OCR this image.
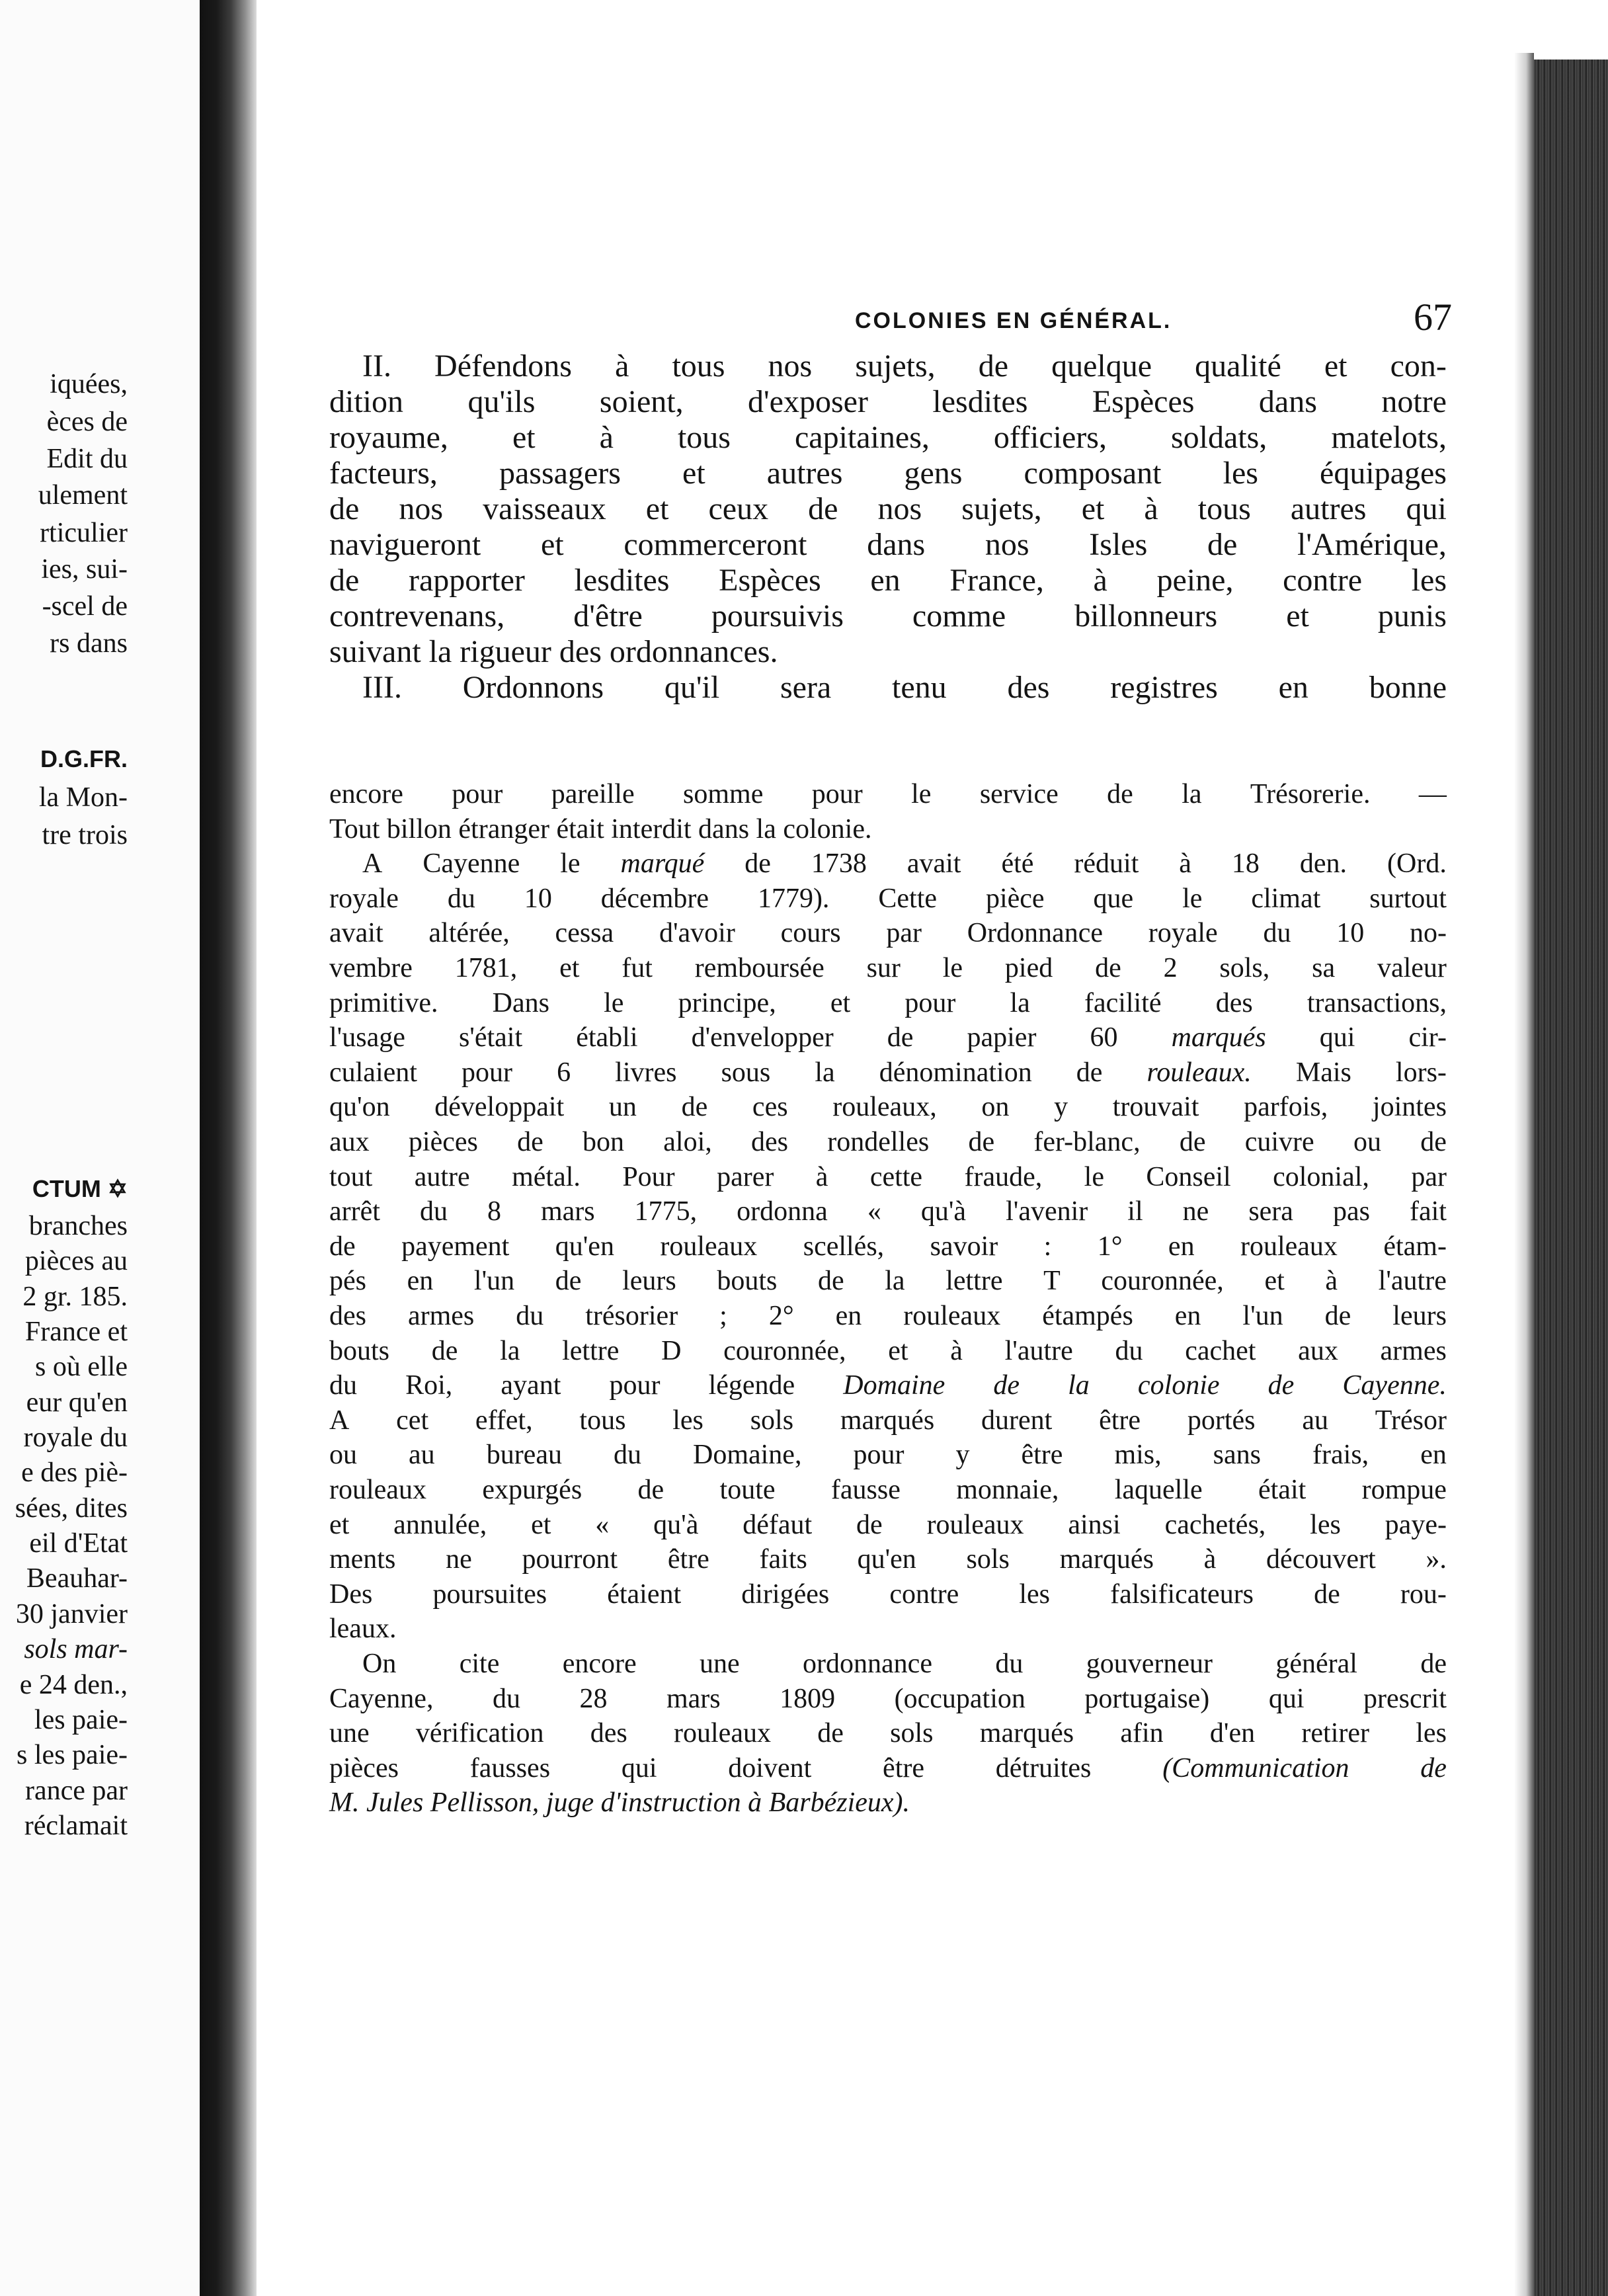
iquées,
èces de
Edit du
ulement
rticulier
ies, sui-
-scel de
rs dans
D.G.FR.
la Mon-
tre trois
CTUM ✡
branches
pièces au
2 gr. 185.
France et
s où elle
eur qu'en
royale du
e des piè-
sées, dites
eil d'Etat
Beauhar-
30 janvier
sols mar-
e 24 den.,
les paie-
s les paie-
rance par
réclamait
COLONIES EN GÉNÉRAL.	67
II. Défendons à tous nos sujets, de quelque qualité et con-
dition qu'ils soient, d'exposer lesdites Espèces dans notre
royaume, et à tous capitaines, officiers, soldats, matelots,
facteurs, passagers et autres gens composant les équipages
de nos vaisseaux et ceux de nos sujets, et à tous autres qui
navigueront et commerceront dans nos Isles de l'Amérique,
de rapporter lesdites Espèces en France, à peine, contre les
contrevenans, d'être poursuivis comme billonneurs et punis
suivant la rigueur des ordonnances.
III. Ordonnons qu'il sera tenu des registres en bonne
encore pour pareille somme pour le service de la Trésorerie. —
Tout billon étranger était interdit dans la colonie.
A Cayenne le marqué de 1738 avait été réduit à 18 den. (Ord.
royale du 10 décembre 1779). Cette pièce que le climat surtout
avait altérée, cessa d'avoir cours par Ordonnance royale du 10 no-
vembre 1781, et fut remboursée sur le pied de 2 sols, sa valeur
primitive. Dans le principe, et pour la facilité des transactions,
l'usage s'était établi d'envelopper de papier 60 marqués qui cir-
culaient pour 6 livres sous la dénomination de rouleaux. Mais lors-
qu'on développait un de ces rouleaux, on y trouvait parfois, jointes
aux pièces de bon aloi, des rondelles de fer-blanc, de cuivre ou de
tout autre métal. Pour parer à cette fraude, le Conseil colonial, par
arrêt du 8 mars 1775, ordonna « qu'à l'avenir il ne sera pas fait
de payement qu'en rouleaux scellés, savoir : 1° en rouleaux étam-
pés en l'un de leurs bouts de la lettre T couronnée, et à l'autre
des armes du trésorier ; 2° en rouleaux étampés en l'un de leurs
bouts de la lettre D couronnée, et à l'autre du cachet aux armes
du Roi, ayant pour légende Domaine de la colonie de Cayenne.
A cet effet, tous les sols marqués durent être portés au Trésor
ou au bureau du Domaine, pour y être mis, sans frais, en
rouleaux expurgés de toute fausse monnaie, laquelle était rompue
et annulée, et « qu'à défaut de rouleaux ainsi cachetés, les paye-
ments ne pourront être faits qu'en sols marqués à découvert ».
Des poursuites étaient dirigées contre les falsificateurs de rou-
leaux.
On cite encore une ordonnance du gouverneur général de
Cayenne, du 28 mars 1809 (occupation portugaise) qui prescrit
une vérification des rouleaux de sols marqués afin d'en retirer les
pièces	fausses	qui	doivent	être	détruites	(Communication	de
M. Jules Pellisson, juge d'instruction à Barbézieux).
